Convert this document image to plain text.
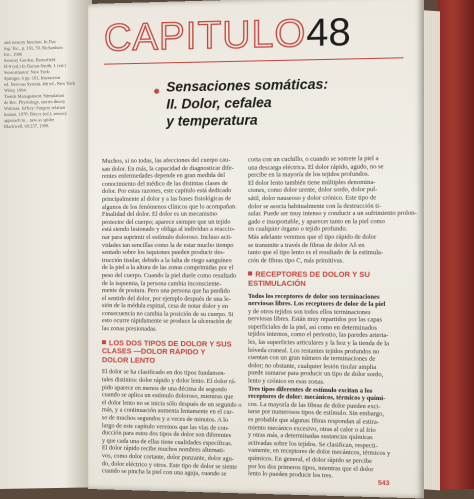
and sensory function. In Das
ing.' Inc., p. 101, 59. Richardson
Inc., 1986
Sensory Gordon, Besterfield
H-S (ed.) In Darian-Smith, I. (ed.)
Sensorimotor: New York:
Springer, 6 pp. 101, Interaction
ed. Nervous System, 4th ed., New York
Wiley, 1994
Trends Management. Stimulation
de Rec. Physiology, stories theory
Wolman, Jeffrey: Surgery relation
human, 1978: Bierce (ed.), sensory
approach to... new as spider
Blackwell, 69:237, 1989.
CAPITULO 48
Sensaciones somáticas:
II. Dolor, cefalea
y temperatura
Muchos, si no todas, las afecciones del cuerpo cau-
san dolor. En más, la capacidad de diagnosticar dife-
rentes enfermedades depende en gran medida del
conocimiento del médico de las distintas clases de
dolor. Por estas razones, este capítulo está dedicado
principalmente al dolor y a las bases fisiológicas de
algunos de los fenómenos clínicos que lo acompañan.
Finalidad del dolor. El dolor es un mecanismo
protector del cuerpo; aparece siempre que un tejido
está siendo lesionado y obliga al individuo a reaccio-
nar para suprimir el estímulo doloroso. Incluso acti-
vidades tan sencillas como la de estar mucho tiempo
sentado sobre los isquiones pueden producir des-
trucción tisular, debido a la falta de riego sanguíneo
de la piel a la altura de las zonas comprimidas por el
peso del cuerpo. Cuando la piel duele como resultado
de la isquemia, la persona cambia inconsciente-
mente de postura. Pero una persona que ha perdido
el sentido del dolor, por ejemplo después de una le-
sión de la médula espinal, cesa de notar dolor y en
consecuencia no cambia la posición de su cuerpo. Si
esto ocurre rápidamente se produce la ulceración de
las zonas presionadas.
LOS DOS TIPOS DE DOLOR Y SUS
CLASES —DOLOR RÁPIDO Y
DOLOR LENTO
El dolor se ha clasificado en dos tipos fundamen-
tales distintos: dolor rápido y dolor lento. El dolor rá-
pido aparece en menos de una décima de segundo
cuando se aplica un estímulo doloroso, mientras que
el dolor lento no se inicia sólo después de un segundo o
más, y a continuación aumenta lentamente en el cur-
so de muchos segundos y a veces de minutos. A lo
largo de este capítulo veremos que las vías de con-
ducción para estos dos tipos de dolor son diferentes
y que cada una de ellas tiene cualidades específicas.
El dolor rápido recibe muchos nombres alternati-
vos, como dolor cortante, dolor punzante, dolor agu-
do, dolor eléctrico y otros. Este tipo de dolor se siente
cuando se pincha la piel con una aguja, cuando se
corta con un cuchillo, o cuando se somete la piel a
una descarga eléctrica. El dolor rápido, agudo, no se
percibe en la mayoría de los tejidos profundos.
El dolor lento también tiene múltiples denomina-
ciones, como dolor urente, dolor sordo, dolor pul-
sátil, dolor nauseoso y dolor crónico. Este tipo de
dolor se asocia habitualmente con la destrucción ti-
sular. Puede ser muy intenso y conducir a un sufrimiento prolon-
gado e insoportable, y aparecer tanto en la piel como
en cualquier órgano o tejido profundo.
Más adelante veremos que el tipo rápido de dolor
se transmite a través de fibras de dolor Aδ en
tanto que el tipo lento es el resultado de la estimula-
ción de fibras tipo C, más primitivas.
RECEPTORES DE DOLOR Y SU
ESTIMULACIÓN
Todos los receptores de dolor son terminaciones
nerviosas libres. Los receptores de dolor de la piel
y de otros tejidos son todos ellos terminaciones
nerviosas libres. Están muy repartidos por las capas
superficiales de la piel, así como en determinados
tejidos internos, como el periostio, las paredes arteria-
les, las superficies articulares y la hoz y la tienda de la
bóveda craneal. Los restantes tejidos profundos no
cuentan con un gran número de terminaciones de
dolor; no obstante, cualquier lesión tisular amplia
puede sumarse para producir un tipo de dolor sordo,
lento y crónico en esas zonas.
Tres tipos diferentes de estímulo excitan a los
receptores de dolor: mecánicos, térmicos y quími-
cos. La mayoría de las fibras de dolor pueden exci-
tarse por numerosos tipos de estímulo. Sin embargo,
es probable que algunas fibras respondan al estira-
miento mecánico excesivo, otras al calor o al frío
y otras más, a determinadas sustancias químicas
activadas sobre los tejidos. Se clasifican, respecti-
vamente, en receptores de dolor mecánicos, térmicos y
químicos. En general, el dolor rápido se percibe
por los dos primeros tipos, mientras que el dolor
lento lo pueden producir los tres.
543
